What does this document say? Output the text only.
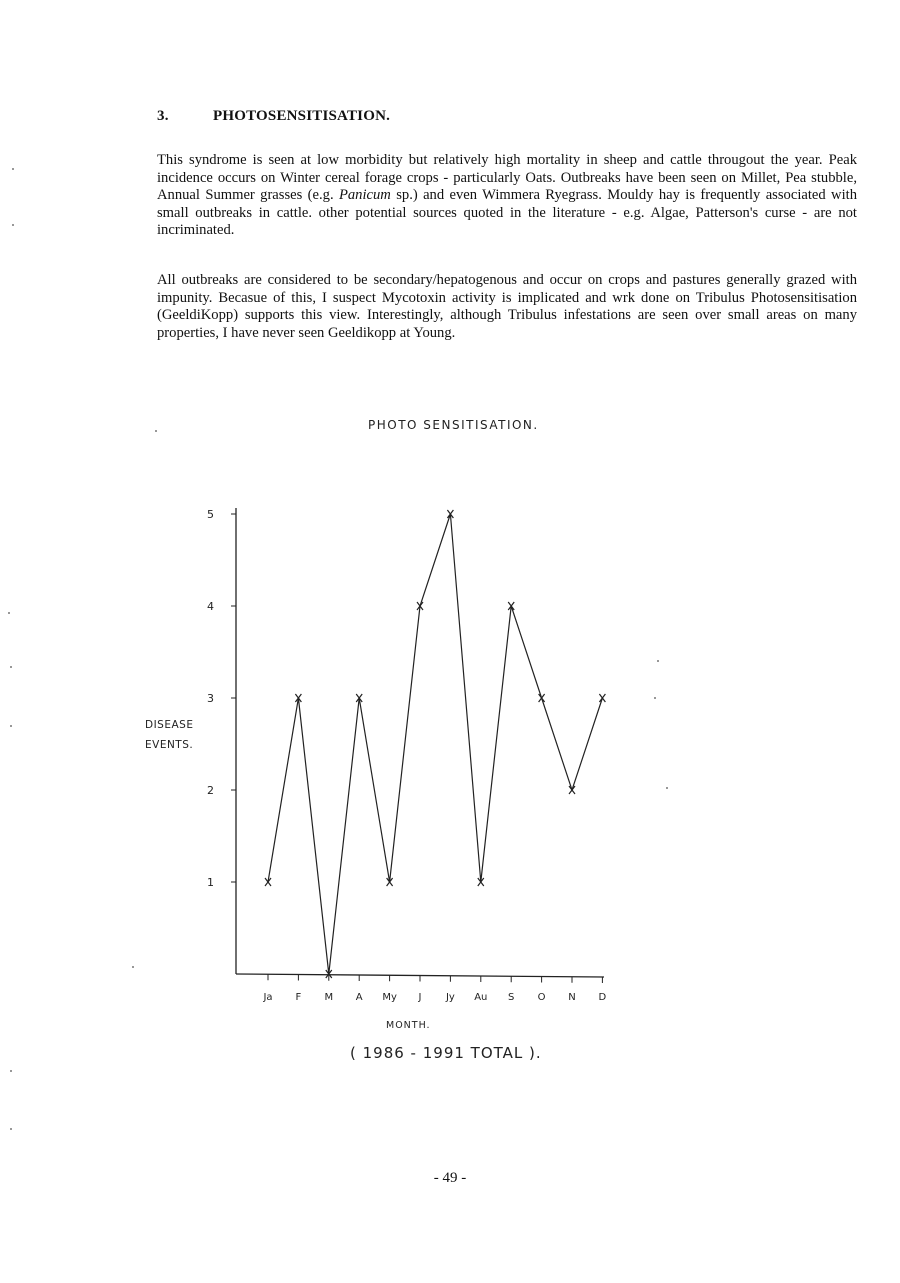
3.	PHOTOSENSITISATION.

This syndrome is seen at low morbidity but relatively high mortality in sheep and cattle througout the year. Peak incidence occurs on Winter cereal forage crops - particularly Oats. Outbreaks have been seen on Millet, Pea stubble, Annual Summer grasses (e.g. Panicum sp.) and even Wimmera Ryegrass. Mouldy hay is frequently associated with small outbreaks in cattle. other potential sources quoted in the literature - e.g. Algae, Patterson's curse - are not incriminated.

All outbreaks are considered to be secondary/hepatogenous and occur on crops and pastures generally grazed with impunity. Becasue of this, I suspect Mycotoxin activity is implicated and wrk done on Tribulus Photosensitisation (GeeldiKopp) supports this view. Interestingly, although Tribulus infestations are seen over small areas on many properties, I have never seen Geeldikopp at Young.

PHOTO SENSITISATION.
DISEASE
EVENTS.
1
2
3
4
5
Ja F M A My J Jy Au S O N D
MONTH.
( 1986 - 1991 TOTAL ).
- 49 -
